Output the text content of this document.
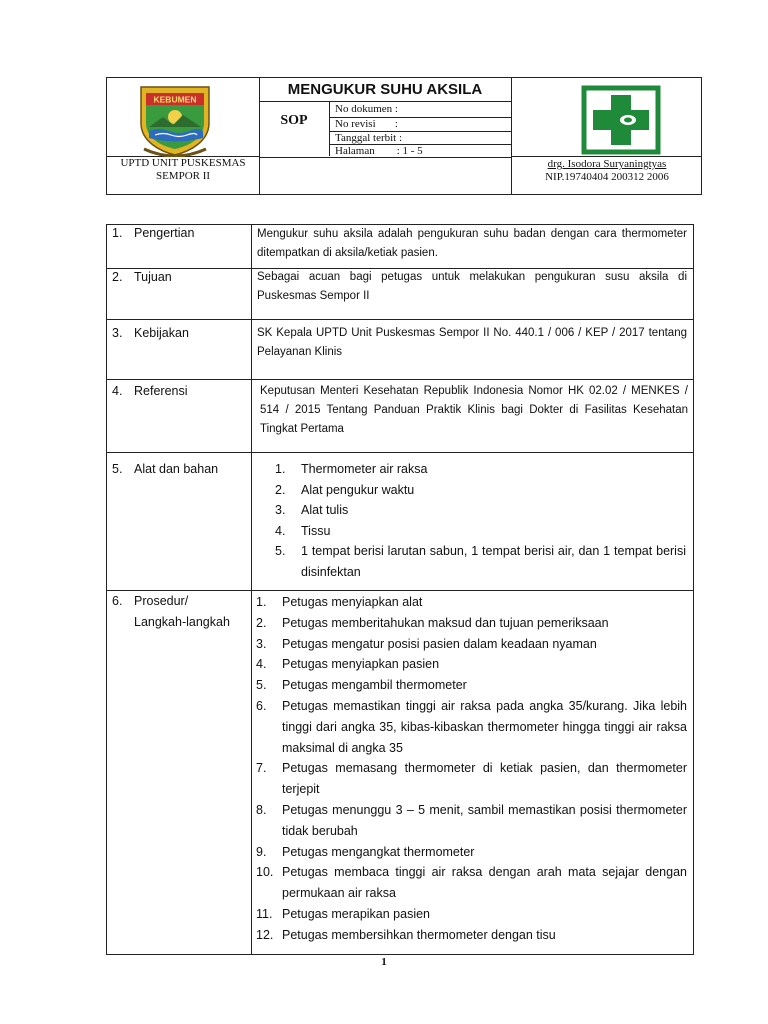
KEBUMEN
UPTD UNIT PUSKESMAS
SEMPOR II
MENGUKUR SUHU AKSILA
SOP
No dokumen :
No revisi       :
Tanggal terbit :
Halaman        : 1 - 5
drg. Isodora Suryaningtyas
NIP.19740404 200312 2006
1. Pengertian	Mengukur suhu aksila adalah pengukuran suhu badan dengan cara thermometer ditempatkan di aksila/ketiak pasien.
2. Tujuan	Sebagai acuan bagi petugas untuk melakukan pengukuran susu aksila di Puskesmas Sempor II
3. Kebijakan	SK Kepala UPTD Unit Puskesmas Sempor II No. 440.1 / 006 / KEP / 2017 tentang Pelayanan Klinis
4. Referensi	Keputusan Menteri Kesehatan Republik Indonesia Nomor HK 02.02 / MENKES / 514 / 2015 Tentang Panduan Praktik Klinis bagi Dokter di Fasilitas Kesehatan Tingkat Pertama
5. Alat dan bahan	1.	Thermometer air raksa
2.	Alat pengukur waktu
3.	Alat tulis
4.	Tissu
5.	1 tempat berisi larutan sabun, 1 tempat berisi air, dan 1 tempat berisi disinfektan
6. Prosedur/
Langkah-langkah
1.	Petugas menyiapkan alat
2.	Petugas memberitahukan maksud dan tujuan pemeriksaan
3.	Petugas mengatur posisi pasien dalam keadaan nyaman
4.	Petugas menyiapkan pasien
5.	Petugas mengambil thermometer
6.	Petugas memastikan tinggi air raksa pada angka 35/kurang. Jika lebih tinggi dari angka 35, kibas-kibaskan thermometer hingga tinggi air raksa maksimal di angka 35
7.	Petugas memasang thermometer di ketiak pasien, dan thermometer terjepit
8.	Petugas menunggu 3 – 5 menit, sambil memastikan posisi thermometer tidak berubah
9.	Petugas mengangkat thermometer
10. Petugas membaca tinggi air raksa dengan arah mata sejajar dengan permukaan air raksa
11. Petugas merapikan pasien
12. Petugas membersihkan thermometer dengan tisu
1
